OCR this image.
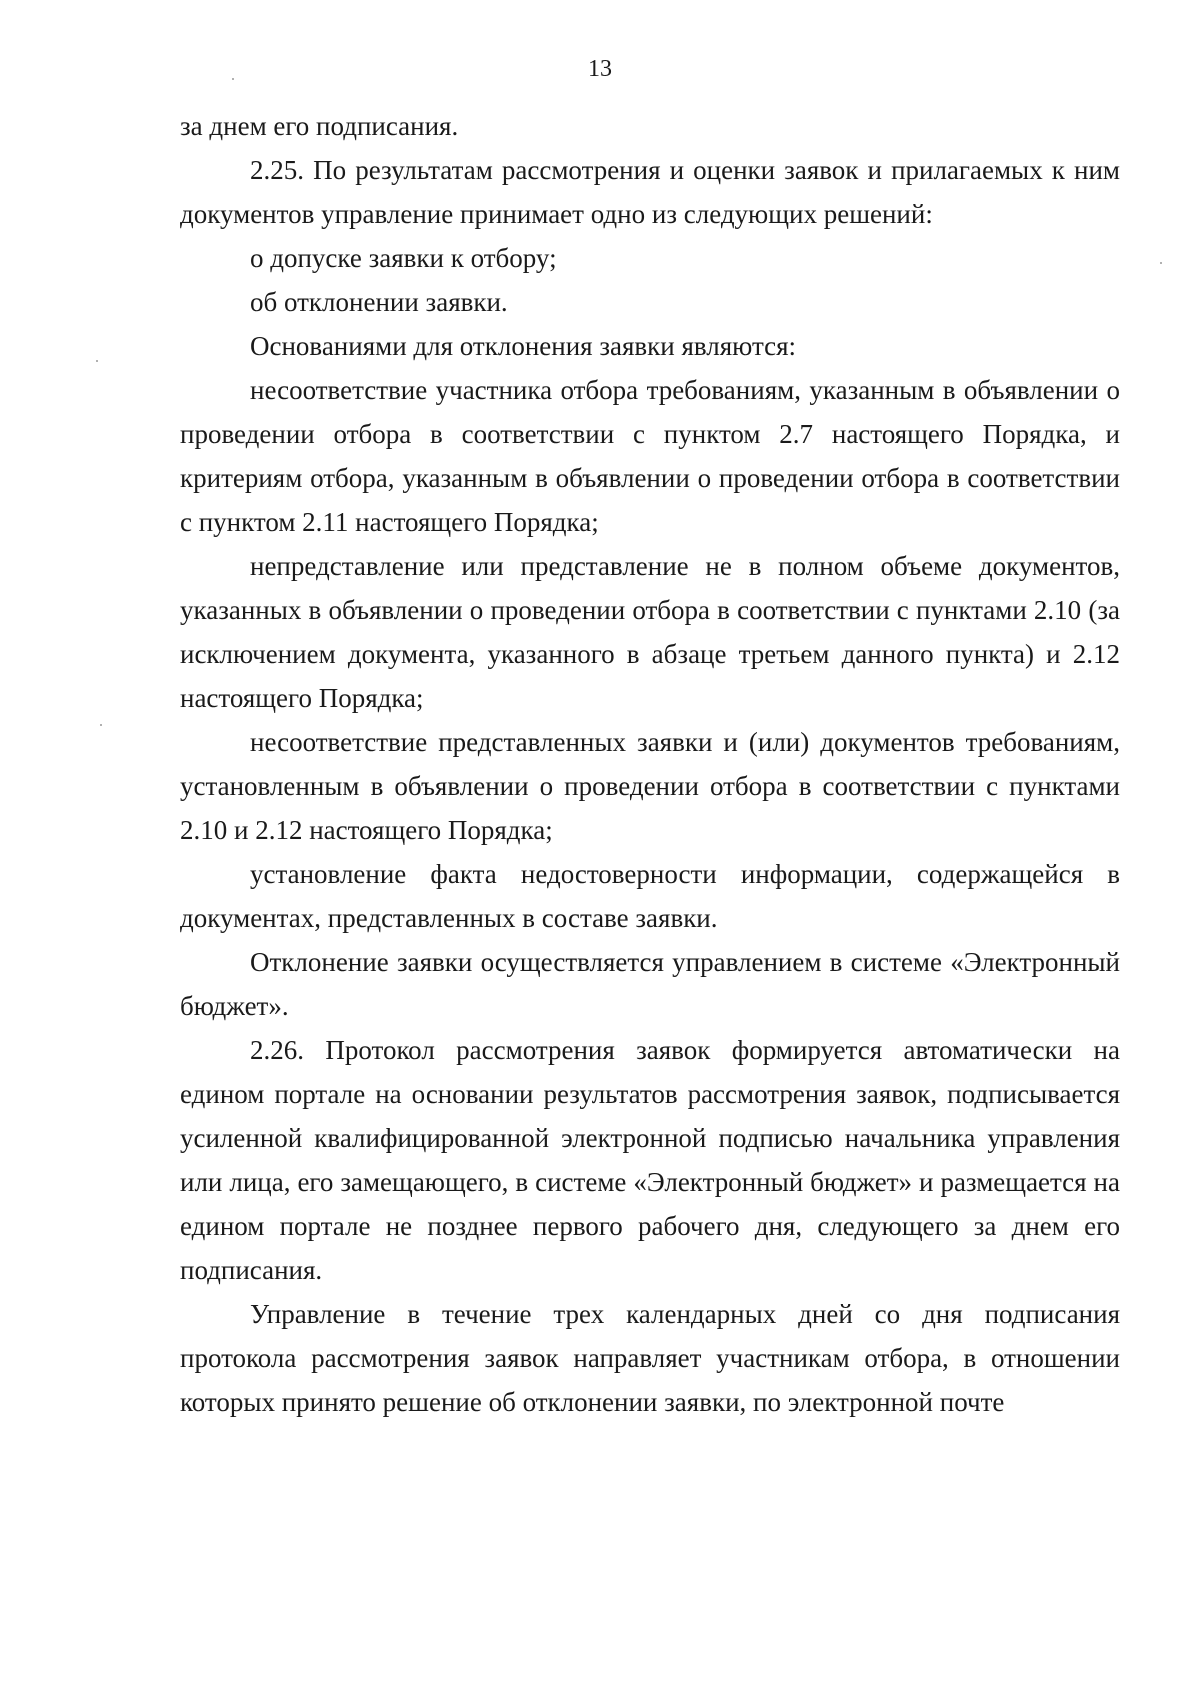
13

за днем его подписания.

2.25. По результатам рассмотрения и оценки заявок и прилагаемых к ним документов управление принимает одно из следующих решений:

о допуске заявки к отбору;

об отклонении заявки.

Основаниями для отклонения заявки являются:

несоответствие участника отбора требованиям, указанным в объявлении о проведении отбора в соответствии с пунктом 2.7 настоящего Порядка, и критериям отбора, указанным в объявлении о проведении отбора в соответствии с пунктом 2.11 настоящего Порядка;

непредставление или представление не в полном объеме документов, указанных в объявлении о проведении отбора в соответствии с пунктами 2.10 (за исключением документа, указанного в абзаце третьем данного пункта) и 2.12 настоящего Порядка;

несоответствие представленных заявки и (или) документов требованиям, установленным в объявлении о проведении отбора в соответствии с пунктами 2.10 и 2.12 настоящего Порядка;

установление факта недостоверности информации, содержащейся в документах, представленных в составе заявки.

Отклонение заявки осуществляется управлением в системе «Электронный бюджет».

2.26. Протокол рассмотрения заявок формируется автоматически на едином портале на основании результатов рассмотрения заявок, подписывается усиленной квалифицированной электронной подписью начальника управления или лица, его замещающего, в системе «Электронный бюджет» и размещается на едином портале не позднее первого рабочего дня, следующего за днем его подписания.

Управление в течение трех календарных дней со дня подписания протокола рассмотрения заявок направляет участникам отбора, в отношении которых принято решение об отклонении заявки, по электронной почте
